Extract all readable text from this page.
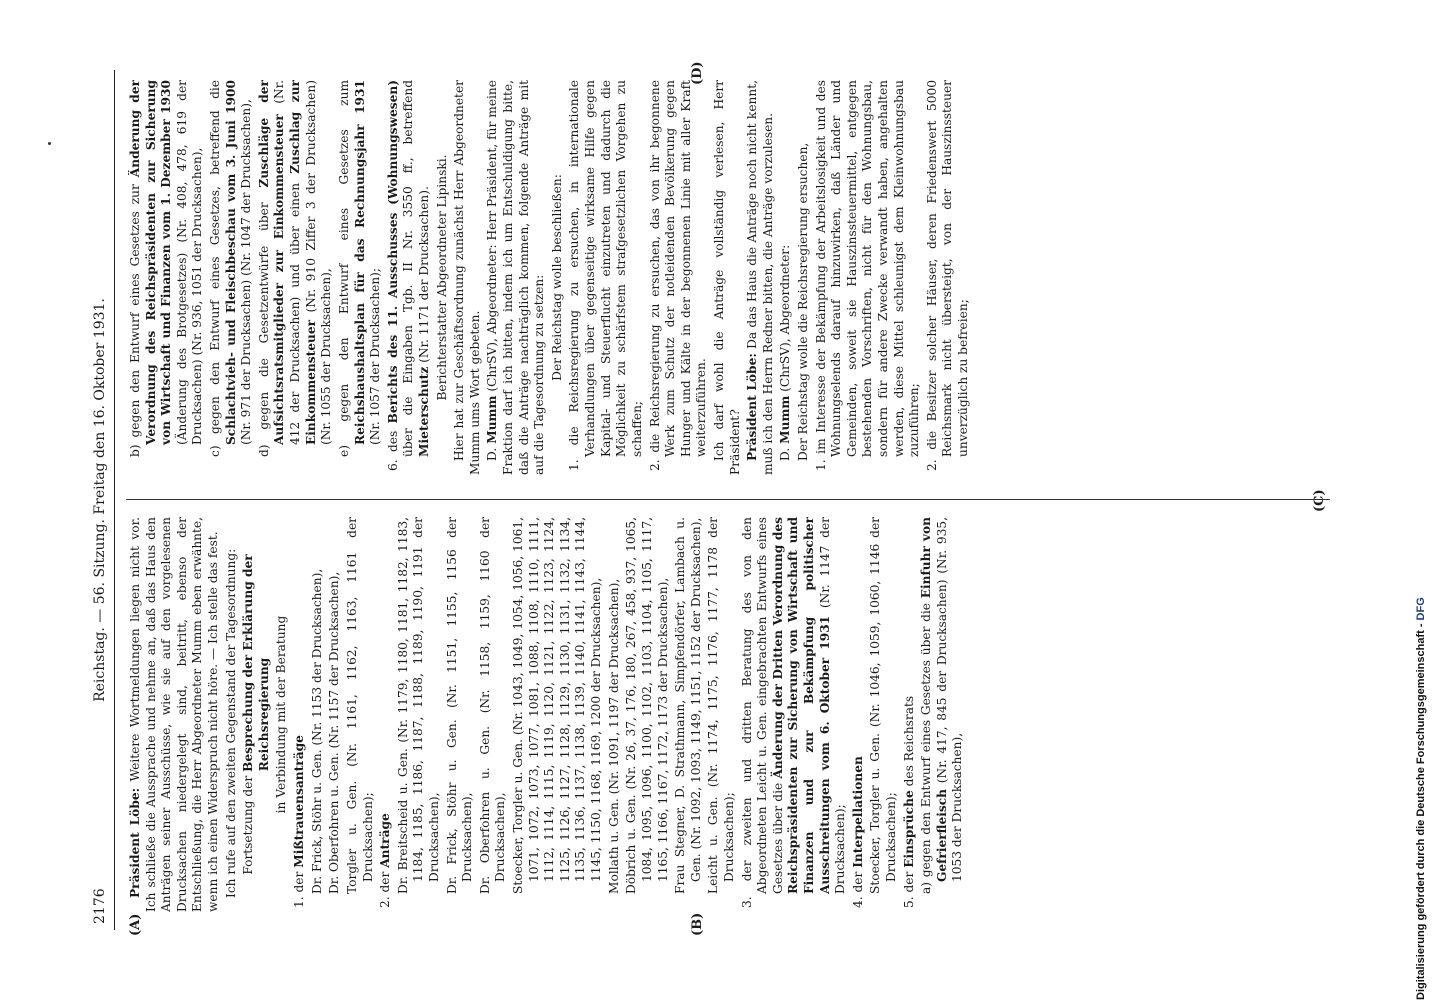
2176
Reichstag. — 56. Sitzung. Freitag den 16. Oktober 1931.
(A)
(C)
(B)
(D)

Präsident Löbe: Weitere Wortmeldungen liegen nicht vor. Ich schließe die Aussprache und nehme an, daß das Haus den Anträgen seiner Ausschüsse, wie sie auf den vorgelesenen Drucksachen niedergelegt sind, beitritt, ebenso der Entschließung, die Herr Abgeordneter Mumm eben erwähnte, wenn ich einen Widerspruch nicht höre. — Ich stelle das fest. Ich rufe auf den zweiten Gegenstand der Tagesordnung: Fortsetzung der Besprechung der Erklärung der Reichsregierung in Verbindung mit der Beratung

1. der Mißtrauensanträge Dr. Frick, Stöhr u. Gen. (Nr. 1153 der Drucksachen), Dr. Oberfohren u. Gen. (Nr. 1157 der Drucksachen), Torgler u. Gen. (Nr. 1161, 1162, 1163, 1161 der Drucksachen);

2. der Anträge Dr. Breitscheid u. Gen. (Nr. 1179, 1180, 1181, 1182, 1183, 1184, 1185, 1186, 1187, 1188, 1189, 1190, 1191 der Drucksachen), Dr. Frick, Stöhr u. Gen. (Nr. 1151, 1155, 1156 der Drucksachen), Dr. Oberfohren u. Gen. (Nr. 1158, 1159, 1160 der Drucksachen), Stoecker, Torgler u. Gen. (Nr. 1043, 1049, 1054, 1056, 1061, 1071, 1072, 1073, 1077, 1081, 1088, 1108, 1110, 1111, 1112, 1114, 1115, 1119, 1120, 1121, 1122, 1123, 1124, 1125, 1126, 1127, 1128, 1129, 1130, 1131, 1132, 1134, 1135, 1136, 1137, 1138, 1139, 1140, 1141, 1143, 1144, 1145, 1150, 1168, 1169, 1200 der Drucksachen), Mollath u. Gen. (Nr. 1091, 1197 der Drucksachen), Döbrich u. Gen. (Nr. 26, 37, 176, 180, 267, 458, 937, 1065, 1084, 1095, 1096, 1100, 1102, 1103, 1104, 1105, 1117, 1165, 1166, 1167, 1172, 1173 der Drucksachen), Frau Stegner, D. Strathmann, Simpfendörfer, Lambach u. Gen. (Nr. 1092, 1093, 1149, 1151, 1152 der Drucksachen), Leicht u. Gen. (Nr. 1174, 1175, 1176, 1177, 1178 der Drucksachen); 3. der zweiten und dritten Beratung des von den Abgeordneten Leicht u. Gen. eingebrachten Entwurfs eines Gesetzes über die Änderung der Dritten Verordnung des Reichspräsidenten zur Sicherung von Wirtschaft und Finanzen und zur Bekämpfung politischer Ausschreitungen vom 6. Oktober 1931 (Nr. 1147 der Drucksachen); 4. der Interpellationen Stoecker, Torgler u. Gen. (Nr. 1046, 1059, 1060, 1146 der Drucksachen);

5. der Einsprüche des Reichsrats a) gegen den Entwurf eines Gesetzes über die Einfuhr von Gefrierfleisch (Nr. 417, 845 der Drucksachen) (Nr. 935, 1053 der Drucksachen),

b) gegen den Entwurf eines Gesetzes zur Änderung der Verordnung des Reichspräsidenten zur Sicherung von Wirtschaft und Finanzen vom 1. Dezember 1930 (Änderung des Brotgesetzes) (Nr. 408, 478, 619 der Drucksachen) (Nr. 936, 1051 der Drucksachen), c) gegen den Entwurf eines Gesetzes, betreffend die Schlachtvieh- und Fleischbeschau vom 3. Juni 1900 (Nr. 971 der Drucksachen) (Nr. 1047 der Drucksachen), d) gegen die Gesetzentwürfe über Zuschläge der Aufsichtsratsmitglieder zur Einkommensteuer (Nr. 412 der Drucksachen) und über einen Zuschlag zur Einkommensteuer (Nr. 910 Ziffer 3 der Drucksachen) (Nr. 1055 der Drucksachen), e) gegen den Entwurf eines Gesetzes zum Reichshaushaltsplan für das Rechnungsjahr 1931 (Nr. 1057 der Drucksachen);

6. des Berichts des 11. Ausschusses (Wohnungswesen) über die Eingaben Tgb. II Nr. 3550 ff., betreffend Mieterschutz (Nr. 1171 der Drucksachen). Berichterstatter Abgeordneter Lipinski. Hier hat zur Geschäftsordnung zunächst Herr Abgeordneter Mumm ums Wort gebeten. D. Mumm (ChrSV), Abgeordneter: Herr Präsident, für meine Fraktion darf ich bitten, indem ich um Entschuldigung bitte, daß die Anträge nachträglich kommen, folgende Anträge mit auf die Tagesordnung zu setzen: Der Reichstag wolle beschließen: 1. die Reichsregierung zu ersuchen, in internationale Verhandlungen über gegenseitige wirksame Hilfe gegen Kapital- und Steuerflucht einzutreten und dadurch die Möglichkeit zu schärfstem strafgesetzlichen Vorgehen zu schaffen; 2. die Reichsregierung zu ersuchen, das von ihr begonnene Werk zum Schutz der notleidenden Bevölkerung gegen Hunger und Kälte in der begonnenen Linie mit aller Kraft weiterzuführen. Ich darf wohl die Anträge vollständig verlesen, Herr Präsident? Präsident Löbe: Da das Haus die Anträge noch nicht kennt, muß ich den Herrn Redner bitten, die Anträge vorzulesen. D. Mumm (ChrSV), Abgeordneter: Der Reichstag wolle die Reichsregierung ersuchen, 1. im Interesse der Bekämpfung der Arbeitslosigkeit und des Wohnungselends darauf hinzuwirken, daß Länder und Gemeinden, soweit sie Hauszinssteuermittel, entgegen bestehenden Vorschriften, nicht für den Wohnungsbau, sondern für andere Zwecke verwandt haben, angehalten werden, diese Mittel schleunigst dem Kleinwohnungsbau zuzuführen; 2. die Besitzer solcher Häuser, deren Friedenswert 5000 Reichsmark nicht übersteigt, von der Hauszinssteuer unverzüglich zu befreien;

Digitalisierung gefördert durch die Deutsche Forschungsgemeinschaft - DFG
